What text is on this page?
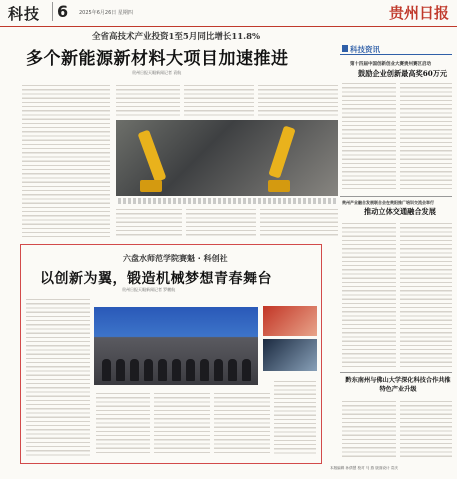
科技	6 2025年6月26日 星期四	贵州日报
全省高技术产业投资1至5月同比增长11.8%
多个新能源新材料大项目加速推进
贵州日报天眼新闻记者 袁航
六盘水师范学院赛魁 · 科创社
以创新为翼，锻造机械梦想青春舞台
贵州日报天眼新闻记者 罗鹏航
科技资讯
第十四届中国创新创业大赛贵州赛区启动
鼓励企业创新最高奖60万元
贵州产业融合发展联合会在贵阳推广培训交流会举行
推动立体交通融合发展
黔东南州与佛山大学深化科技合作共推特色产业升级
本版编辑 孙倩慧 校对 马 燕 版面设计 袁庆
